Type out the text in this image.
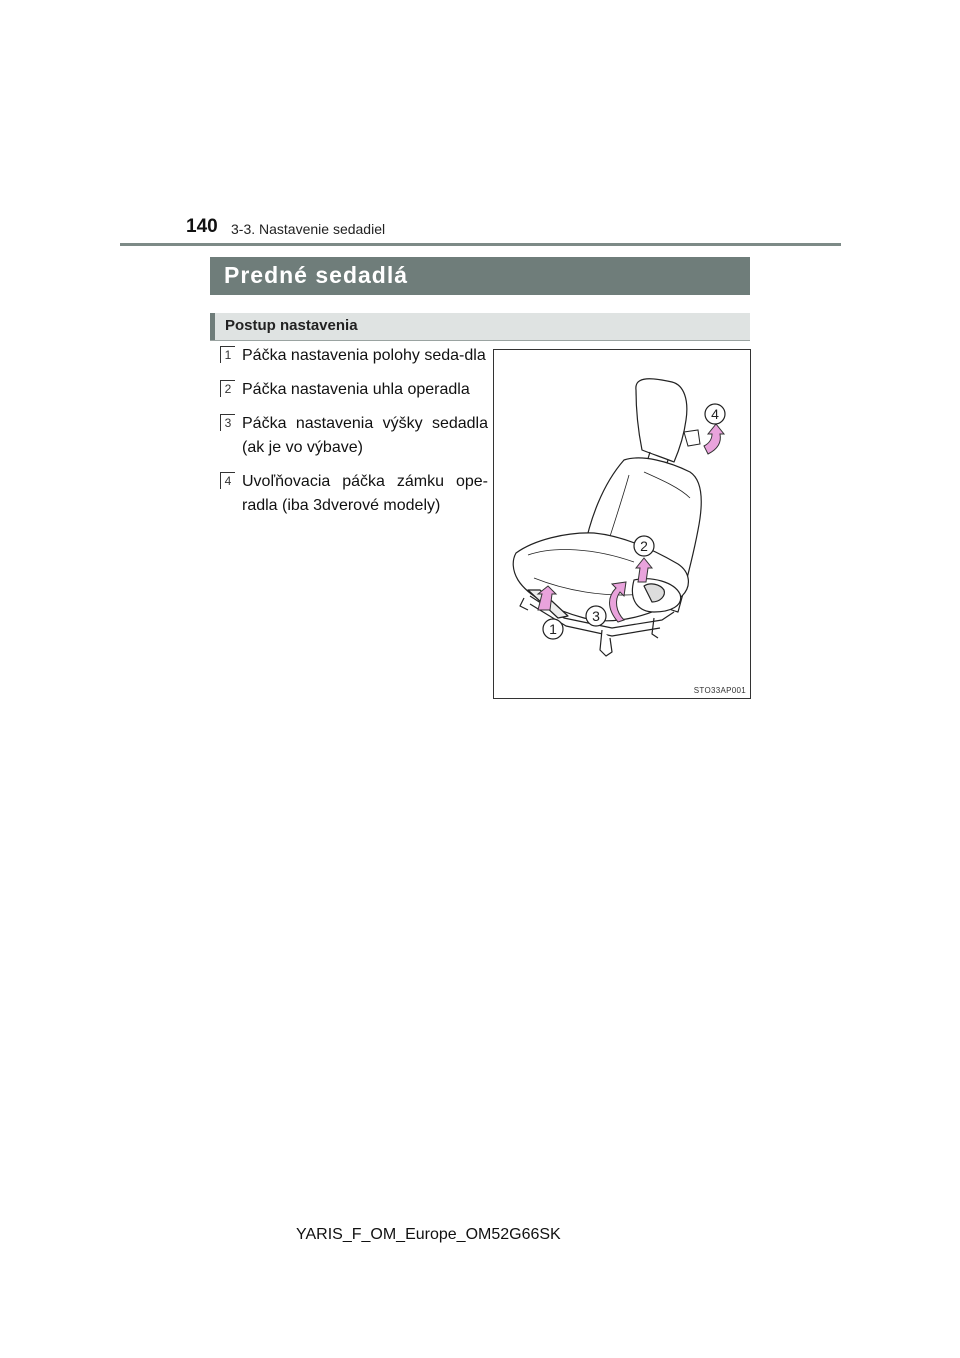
140 3-3. Nastavenie sedadiel
Predné sedadlá
Postup nastavenia
1 Páčka nastavenia polohy seda-dla
2 Páčka nastavenia uhla operadla
3 Páčka nastavenia výšky sedadla (ak je vo výbave)
4 Uvoľňovacia páčka zámku ope-radla (iba 3dverové modely)
1
2
3
4
STO33AP001
YARIS_F_OM_Europe_OM52G66SK
